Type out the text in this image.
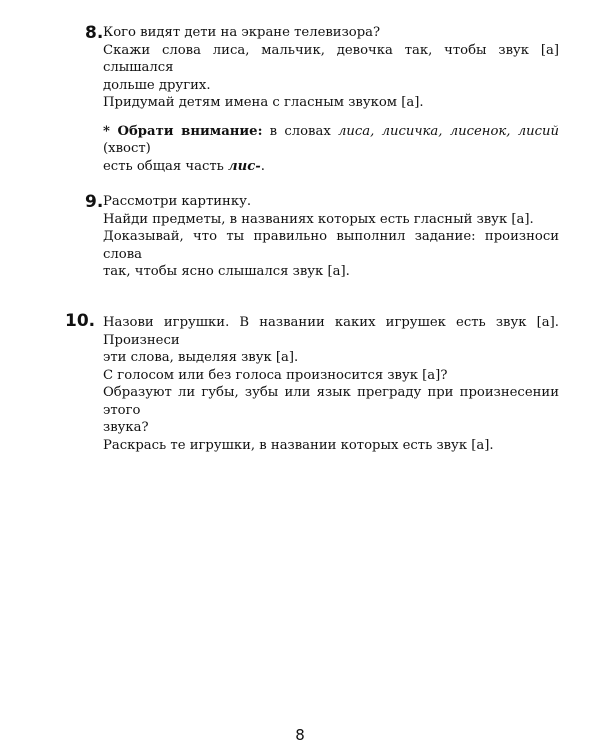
8. Кого видят дети на экране телевизора?
Скажи слова лиса, мальчик, девочка так, чтобы звук [а] слышался
дольше других.
Придумай детям имена с гласным звуком [а].
* Обрати внимание: в словах лиса, лисичка, лисенок, лисий (хвост)
есть общая часть лис-.
9. Рассмотри картинку.
Найди предметы, в названиях которых есть гласный звук [а].
Доказывай, что ты правильно выполнил задание: произноси слова
так, чтобы ясно слышался звук [а].
10. Назови игрушки. В названии каких игрушек есть звук [а]. Произнеси
эти слова, выделяя звук [а].
С голосом или без голоса произносится звук [а]?
Образуют ли губы, зубы или язык преграду при произнесении этого
звука?
Раскрась те игрушки, в названии которых есть звук [а].
8
